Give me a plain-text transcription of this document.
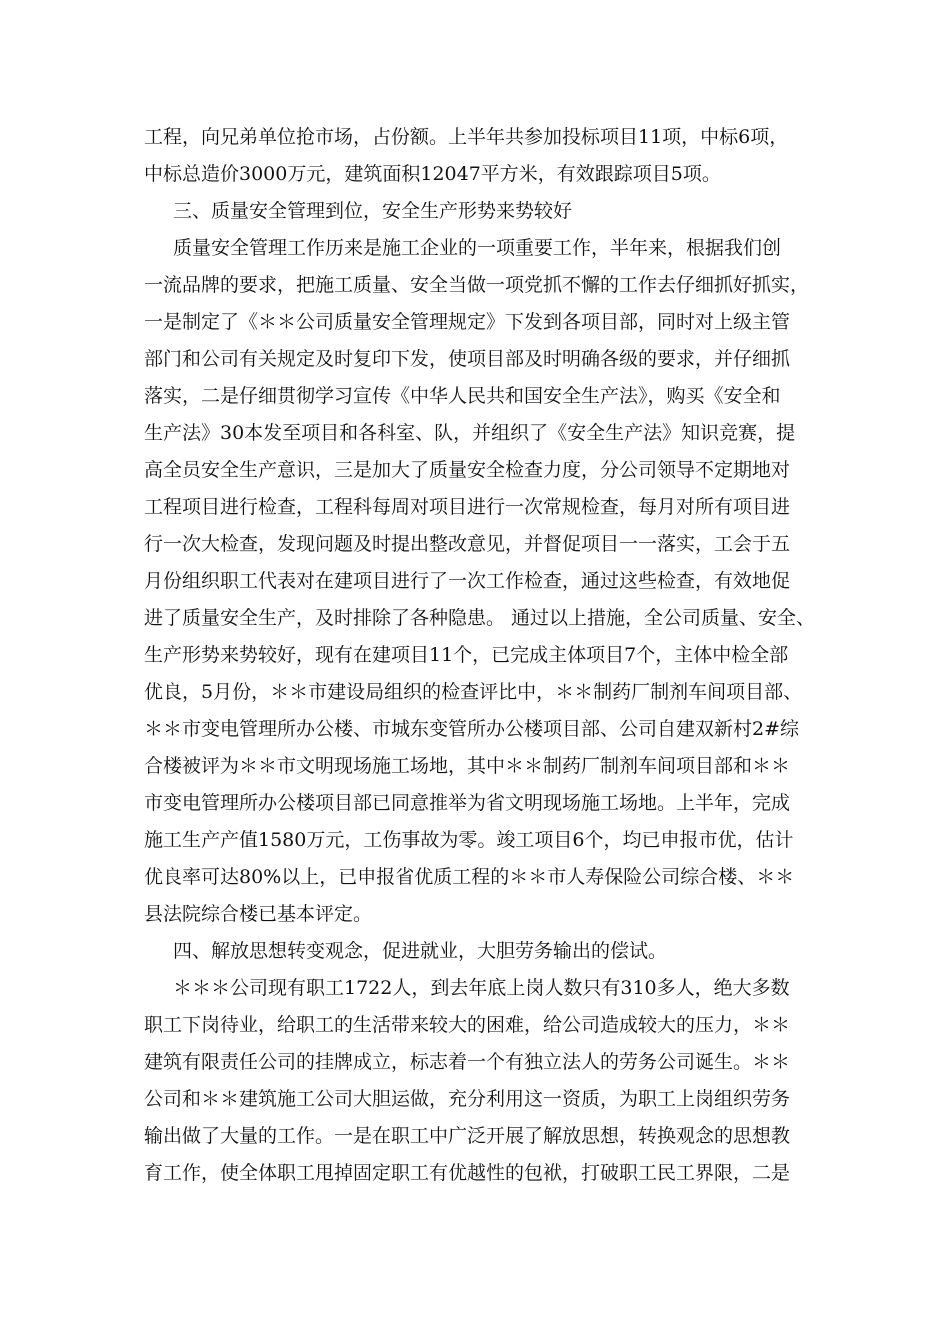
工程，向兄弟单位抢市场，占份额。上半年共参加投标项目11项，中标6项，
中标总造价3000万元，建筑面积12047平方米，有效跟踪项目5项。
三、质量安全管理到位，安全生产形势来势较好
质量安全管理工作历来是施工企业的一项重要工作，半年来，根据我们创
一流品牌的要求，把施工质量、安全当做一项党抓不懈的工作去仔细抓好抓实，
一是制定了《＊＊公司质量安全管理规定》下发到各项目部，同时对上级主管
部门和公司有关规定及时复印下发，使项目部及时明确各级的要求，并仔细抓
落实，二是仔细贯彻学习宣传《中华人民共和国安全生产法》，购买《安全和
生产法》30本发至项目和各科室、队，并组织了《安全生产法》知识竞赛，提
高全员安全生产意识，三是加大了质量安全检查力度，分公司领导不定期地对
工程项目进行检查，工程科每周对项目进行一次常规检查，每月对所有项目进
行一次大检查，发现问题及时提出整改意见，并督促项目一一落实，工会于五
月份组织职工代表对在建项目进行了一次工作检查，通过这些检查，有效地促
进了质量安全生产，及时排除了各种隐患。 通过以上措施，全公司质量、安全、
生产形势来势较好，现有在建项目11个，已完成主体项目7个，主体中检全部
优良，5月份，＊＊市建设局组织的检查评比中，＊＊制药厂制剂车间项目部、
＊＊市变电管理所办公楼、市城东变管所办公楼项目部、公司自建双新村2#综
合楼被评为＊＊市文明现场施工场地，其中＊＊制药厂制剂车间项目部和＊＊
市变电管理所办公楼项目部已同意推举为省文明现场施工场地。上半年，完成
施工生产产值1580万元，工伤事故为零。竣工项目6个，均已申报市优，估计
优良率可达80%以上，已申报省优质工程的＊＊市人寿保险公司综合楼、＊＊
县法院综合楼已基本评定。
四、解放思想转变观念，促进就业，大胆劳务输出的偿试。
＊＊＊公司现有职工1722人，到去年底上岗人数只有310多人，绝大多数
职工下岗待业，给职工的生活带来较大的困难，给公司造成较大的压力，＊＊
建筑有限责任公司的挂牌成立，标志着一个有独立法人的劳务公司诞生。＊＊
公司和＊＊建筑施工公司大胆运做，充分利用这一资质，为职工上岗组织劳务
输出做了大量的工作。一是在职工中广泛开展了解放思想，转换观念的思想教
育工作，使全体职工甩掉固定职工有优越性的包袱，打破职工民工界限，二是
